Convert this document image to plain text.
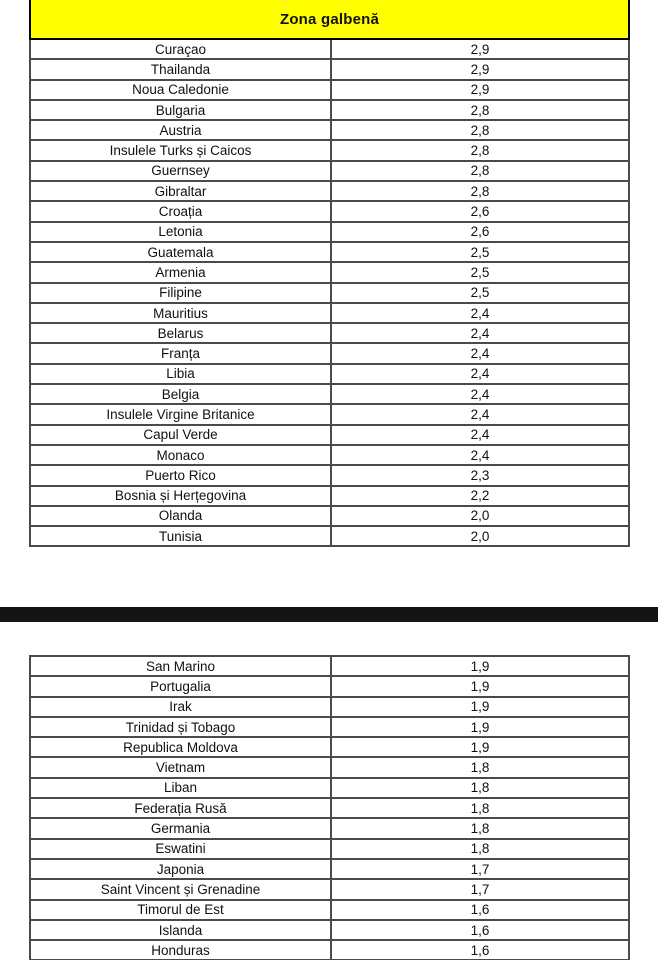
Zona galbenă	
Curaçao	2,9
Thailanda	2,9
Noua Caledonie	2,9
Bulgaria	2,8
Austria	2,8
Insulele Turks și Caicos	2,8
Guernsey	2,8
Gibraltar	2,8
Croația	2,6
Letonia	2,6
Guatemala	2,5
Armenia	2,5
Filipine	2,5
Mauritius	2,4
Belarus	2,4
Franța	2,4
Libia	2,4
Belgia	2,4
Insulele Virgine Britanice	2,4
Capul Verde	2,4
Monaco	2,4
Puerto Rico	2,3
Bosnia și Herțegovina	2,2
Olanda	2,0
Tunisia	2,0
San Marino	1,9
Portugalia	1,9
Irak	1,9
Trinidad și Tobago	1,9
Republica Moldova	1,9
Vietnam	1,8
Liban	1,8
Federația Rusă	1,8
Germania	1,8
Eswatini	1,8
Japonia	1,7
Saint Vincent și Grenadine	1,7
Timorul de Est	1,6
Islanda	1,6
Honduras	1,6
